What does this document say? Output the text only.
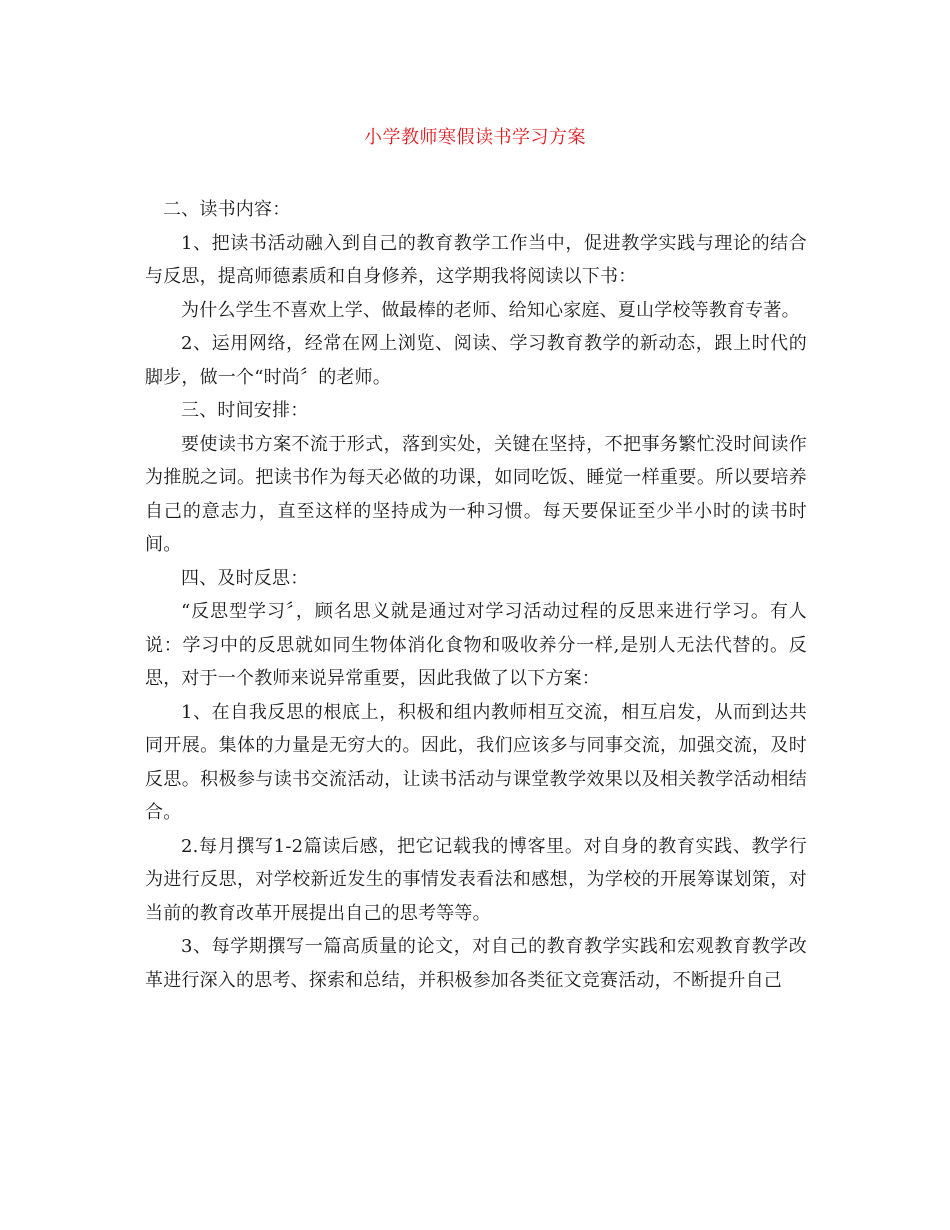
小学教师寒假读书学习方案

二、读书内容：

1、把读书活动融入到自己的教育教学工作当中，促进教学实践与理论的结合与反思，提高师德素质和自身修养，这学期我将阅读以下书：

为什么学生不喜欢上学、做最棒的老师、给知心家庭、夏山学校等教育专著。

2、运用网络，经常在网上浏览、阅读、学习教育教学的新动态，跟上时代的脚步，做一个“时尚〞的老师。

三、时间安排：

要使读书方案不流于形式，落到实处，关键在坚持，不把事务繁忙没时间读作为推脱之词。把读书作为每天必做的功课，如同吃饭、睡觉一样重要。所以要培养自己的意志力，直至这样的坚持成为一种习惯。每天要保证至少半小时的读书时间。

四、及时反思：

“反思型学习〞，顾名思义就是通过对学习活动过程的反思来进行学习。有人说：学习中的反思就如同生物体消化食物和吸收养分一样,是别人无法代替的。反思，对于一个教师来说异常重要，因此我做了以下方案：

1、在自我反思的根底上，积极和组内教师相互交流，相互启发，从而到达共同开展。集体的力量是无穷大的。因此，我们应该多与同事交流，加强交流，及时反思。积极参与读书交流活动，让读书活动与课堂教学效果以及相关教学活动相结合。

2.每月撰写1-2篇读后感，把它记载我的博客里。对自身的教育实践、教学行为进行反思，对学校新近发生的事情发表看法和感想，为学校的开展筹谋划策，对当前的教育改革开展提出自己的思考等等。

3、每学期撰写一篇高质量的论文，对自己的教育教学实践和宏观教育教学改革进行深入的思考、探索和总结，并积极参加各类征文竞赛活动，不断提升自己
